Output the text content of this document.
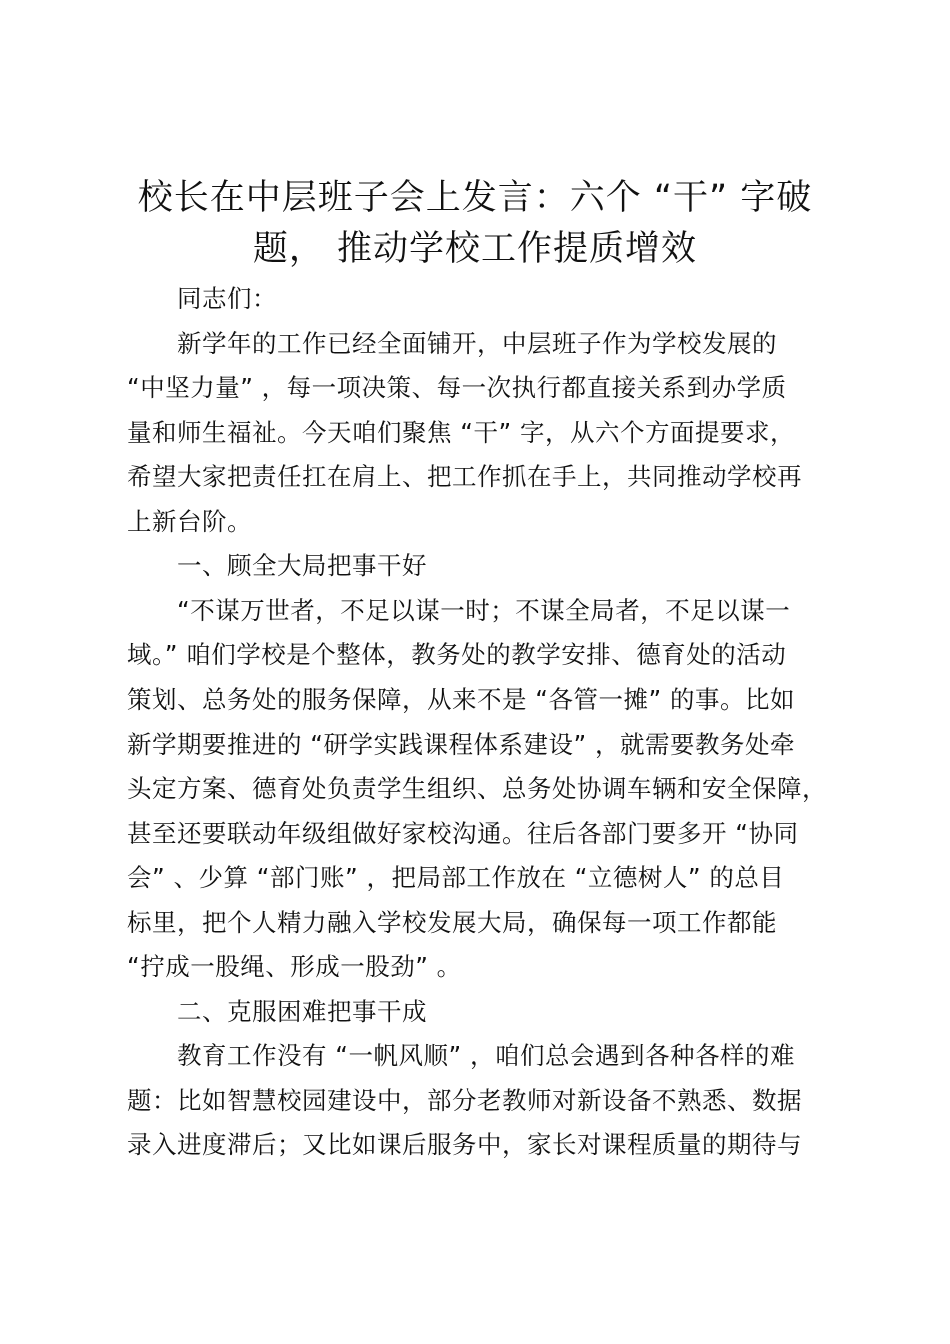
校长在中层班子会上发言：六个 “干” 字破
题， 推动学校工作提质增效
同志们：
新学年的工作已经全面铺开，中层班子作为学校发展的
“中坚力量” ，每一项决策、每一次执行都直接关系到办学质
量和师生福祉。今天咱们聚焦 “干” 字，从六个方面提要求，
希望大家把责任扛在肩上、把工作抓在手上，共同推动学校再
上新台阶。
一、顾全大局把事干好
“不谋万世者，不足以谋一时；不谋全局者，不足以谋一
域。” 咱们学校是个整体，教务处的教学安排、德育处的活动
策划、总务处的服务保障，从来不是 “各管一摊” 的事。比如
新学期要推进的 “研学实践课程体系建设” ，就需要教务处牵
头定方案、德育处负责学生组织、总务处协调车辆和安全保障，
甚至还要联动年级组做好家校沟通。往后各部门要多开 “协同
会” 、少算 “部门账” ，把局部工作放在 “立德树人” 的总目
标里，把个人精力融入学校发展大局，确保每一项工作都能
“拧成一股绳、形成一股劲” 。
二、克服困难把事干成
教育工作没有 “一帆风顺” ，咱们总会遇到各种各样的难
题：比如智慧校园建设中，部分老教师对新设备不熟悉、数据
录入进度滞后；又比如课后服务中，家长对课程质量的期待与
